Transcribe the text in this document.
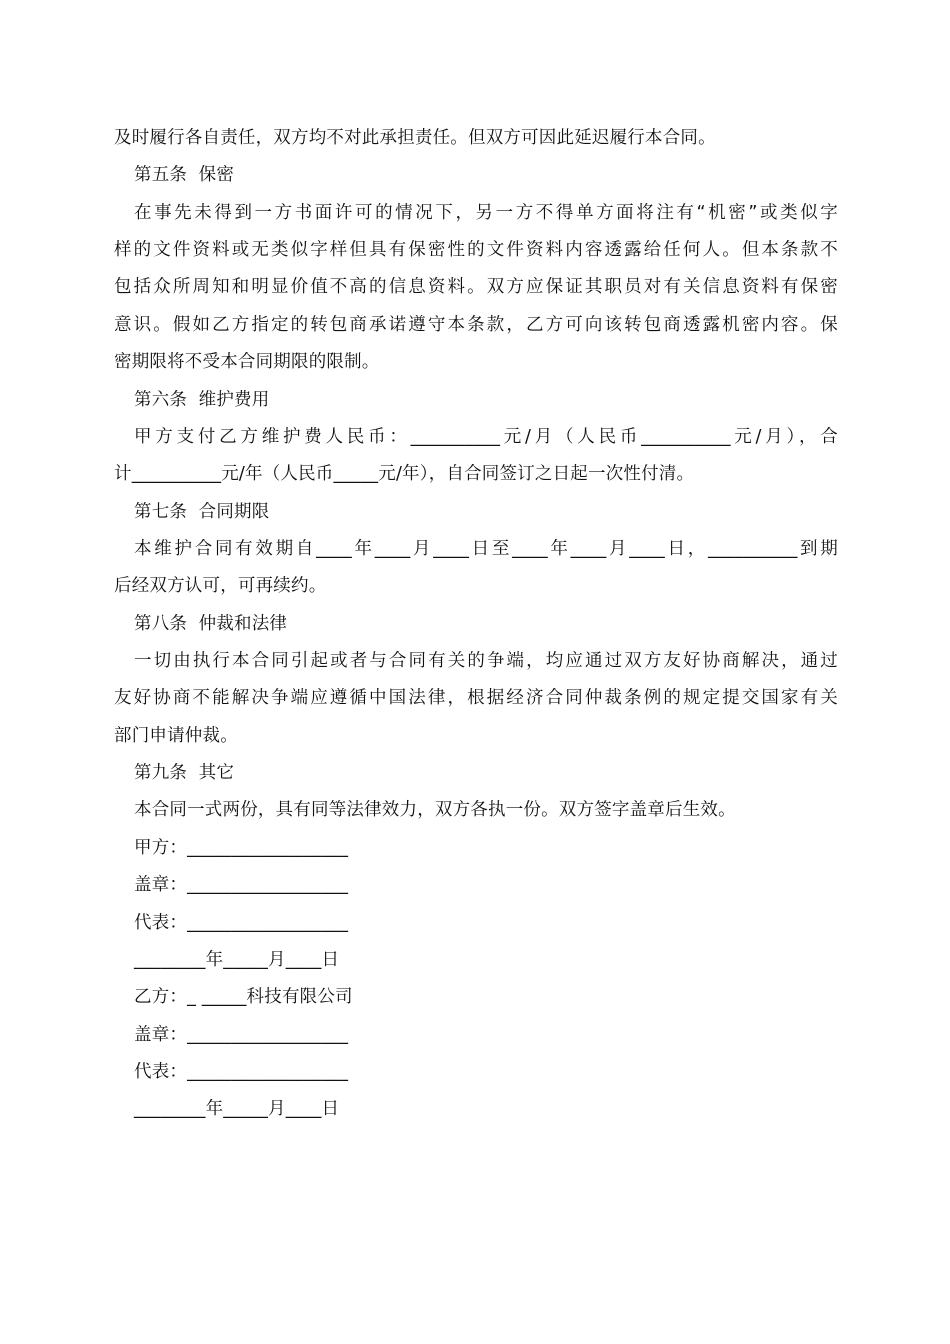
及时履行各自责任，双方均不对此承担责任。但双方可因此延迟履行本合同。
第五条  保密
在事先未得到一方书面许可的情况下，另一方不得单方面将注有“机密”或类似字
样的文件资料或无类似字样但具有保密性的文件资料内容透露给任何人。但本条款不
包括众所周知和明显价值不高的信息资料。双方应保证其职员对有关信息资料有保密
意识。假如乙方指定的转包商承诺遵守本条款，乙方可向该转包商透露机密内容。保
密期限将不受本合同期限的限制。
第六条  维护费用
甲方支付乙方维护费人民币：__________元/月（人民币__________元/月），合
计__________元/年（人民币_____元/年），自合同签订之日起一次性付清。
第七条  合同期限
本维护合同有效期自____年____月____日至____年____月____日，__________到期
后经双方认可，可再续约。
第八条  仲裁和法律
一切由执行本合同引起或者与合同有关的争端，均应通过双方友好协商解决，通过
友好协商不能解决争端应遵循中国法律，根据经济合同仲裁条例的规定提交国家有关
部门申请仲裁。
第九条  其它
本合同一式两份，具有同等法律效力，双方各执一份。双方签字盖章后生效。
甲方：__________________
盖章：__________________
代表：__________________
________年_____月____日
乙方：_ _____科技有限公司
盖章：__________________
代表：__________________
________年_____月____日
